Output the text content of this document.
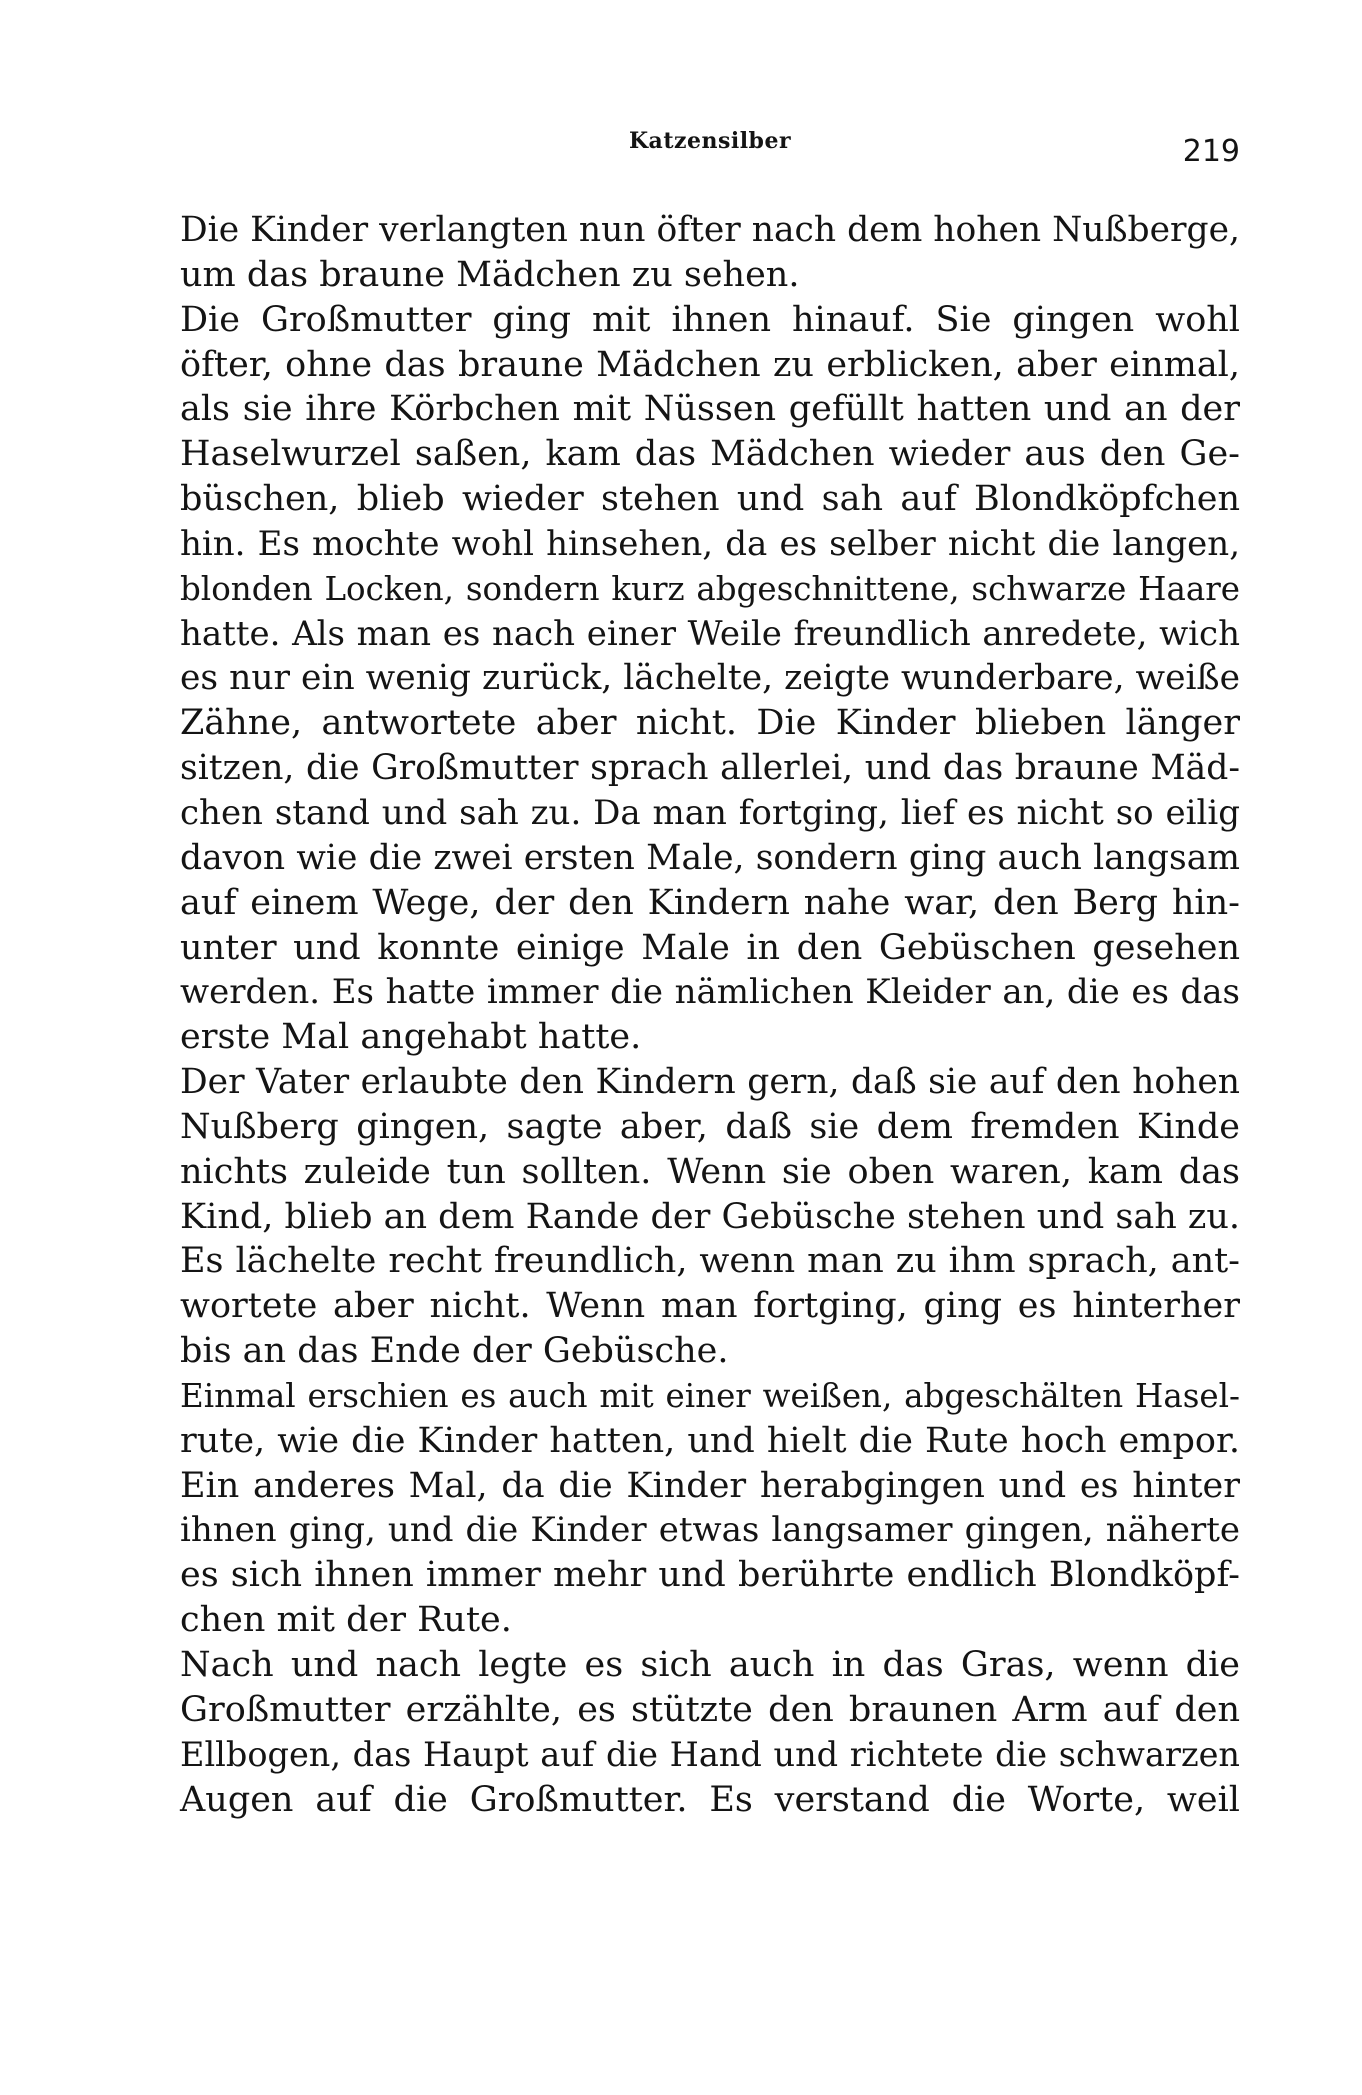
Katzensilber	219
Die Kinder verlangten nun öfter nach dem hohen Nußberge,
um das braune Mädchen zu sehen.
Die Großmutter ging mit ihnen hinauf. Sie gingen wohl
öfter, ohne das braune Mädchen zu erblicken, aber einmal,
als sie ihre Körbchen mit Nüssen gefüllt hatten und an der
Haselwurzel saßen, kam das Mädchen wieder aus den Ge-
büschen, blieb wieder stehen und sah auf Blondköpfchen
hin. Es mochte wohl hinsehen, da es selber nicht die langen,
blonden Locken, sondern kurz abgeschnittene, schwarze Haare
hatte. Als man es nach einer Weile freundlich anredete, wich
es nur ein wenig zurück, lächelte, zeigte wunderbare, weiße
Zähne, antwortete aber nicht. Die Kinder blieben länger
sitzen, die Großmutter sprach allerlei, und das braune Mäd-
chen stand und sah zu. Da man fortging, lief es nicht so eilig
davon wie die zwei ersten Male, sondern ging auch langsam
auf einem Wege, der den Kindern nahe war, den Berg hin-
unter und konnte einige Male in den Gebüschen gesehen
werden. Es hatte immer die nämlichen Kleider an, die es das
erste Mal angehabt hatte.
Der Vater erlaubte den Kindern gern, daß sie auf den hohen
Nußberg gingen, sagte aber, daß sie dem fremden Kinde
nichts zuleide tun sollten. Wenn sie oben waren, kam das
Kind, blieb an dem Rande der Gebüsche stehen und sah zu.
Es lächelte recht freundlich, wenn man zu ihm sprach, ant-
wortete aber nicht. Wenn man fortging, ging es hinterher
bis an das Ende der Gebüsche.
Einmal erschien es auch mit einer weißen, abgeschälten Hasel-
rute, wie die Kinder hatten, und hielt die Rute hoch empor.
Ein anderes Mal, da die Kinder herabgingen und es hinter
ihnen ging, und die Kinder etwas langsamer gingen, näherte
es sich ihnen immer mehr und berührte endlich Blondköpf-
chen mit der Rute.
Nach und nach legte es sich auch in das Gras, wenn die
Großmutter erzählte, es stützte den braunen Arm auf den
Ellbogen, das Haupt auf die Hand und richtete die schwarzen
Augen auf die Großmutter. Es verstand die Worte, weil
